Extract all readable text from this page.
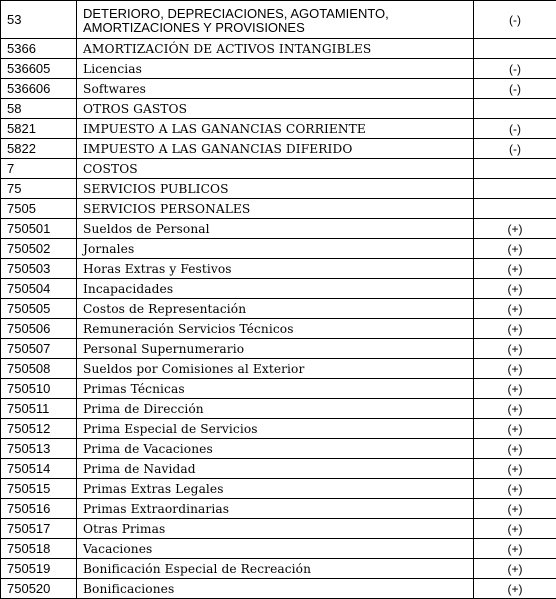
53	DETERIORO, DEPRECIACIONES, AGOTAMIENTO, AMORTIZACIONES Y PROVISIONES	(-)
5366	AMORTIZACIÓN DE ACTIVOS INTANGIBLES	
536605	Licencias	(-)
536606	Softwares	(-)
58	OTROS GASTOS	
5821	IMPUESTO A LAS GANANCIAS CORRIENTE	(-)
5822	IMPUESTO A LAS GANANCIAS DIFERIDO	(-)
7	COSTOS	
75	SERVICIOS PUBLICOS	
7505	SERVICIOS PERSONALES	
750501	Sueldos de Personal	(+)
750502	Jornales	(+)
750503	Horas Extras y Festivos	(+)
750504	Incapacidades	(+)
750505	Costos de Representación	(+)
750506	Remuneración Servicios Técnicos	(+)
750507	Personal Supernumerario	(+)
750508	Sueldos por Comisiones al Exterior	(+)
750510	Primas Técnicas	(+)
750511	Prima de Dirección	(+)
750512	Prima Especial de Servicios	(+)
750513	Prima de Vacaciones	(+)
750514	Prima de Navidad	(+)
750515	Primas Extras Legales	(+)
750516	Primas Extraordinarias	(+)
750517	Otras Primas	(+)
750518	Vacaciones	(+)
750519	Bonificación Especial de Recreación	(+)
750520	Bonificaciones	(+)
